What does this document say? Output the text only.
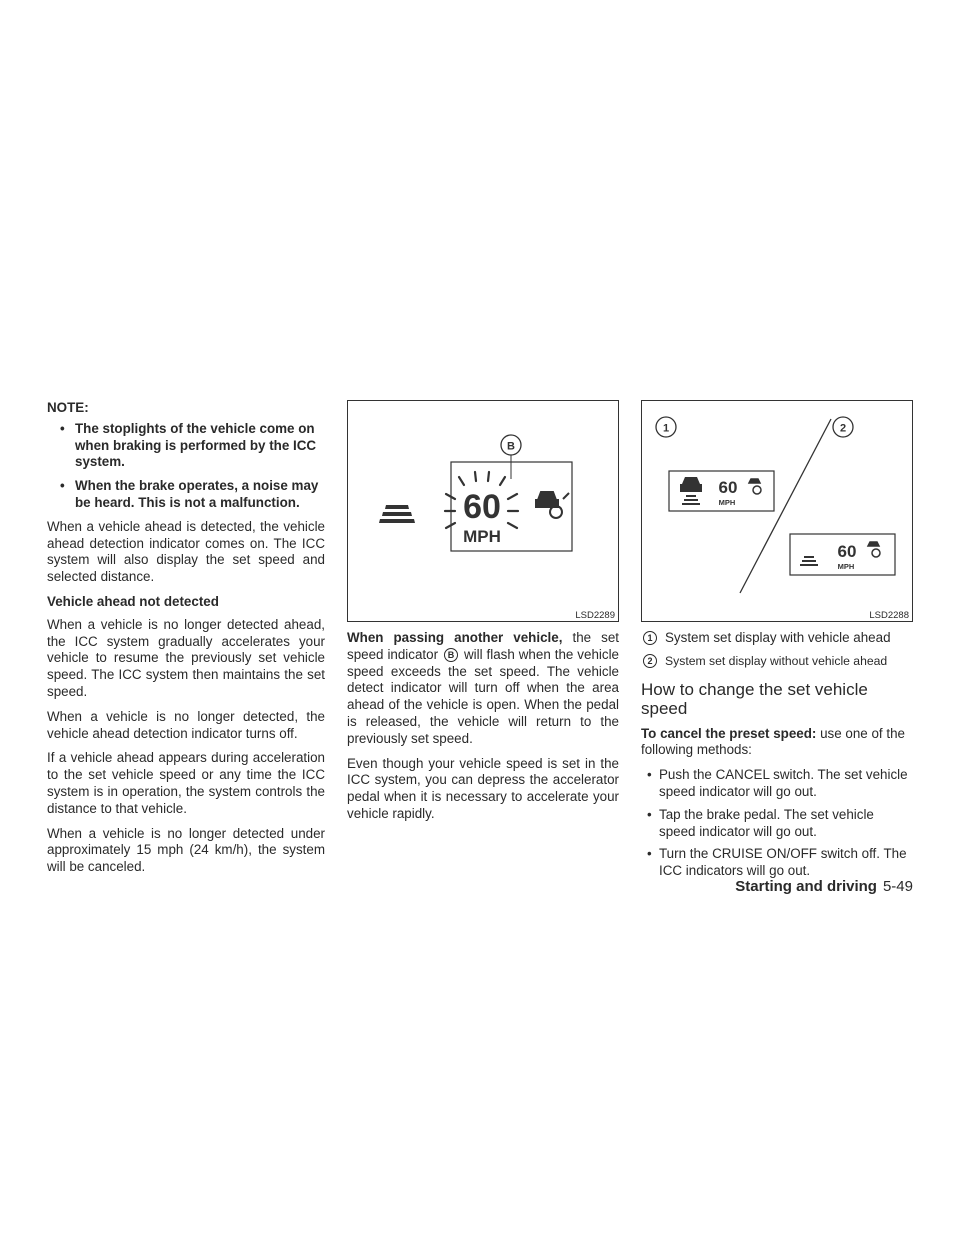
NOTE:
• The stoplights of the vehicle come on when braking is performed by the ICC system.
• When the brake operates, a noise may be heard. This is not a malfunction.

When a vehicle ahead is detected, the vehicle ahead detection indicator comes on. The ICC system will also display the set speed and selected distance.

Vehicle ahead not detected

When a vehicle is no longer detected ahead, the ICC system gradually accelerates your vehicle to resume the previously set vehicle speed. The ICC system then maintains the set speed.

When a vehicle is no longer detected, the vehicle ahead detection indicator turns off.

If a vehicle ahead appears during acceleration to the set vehicle speed or any time the ICC system is in operation, the system controls the distance to that vehicle.

When a vehicle is no longer detected under approximately 15 mph (24 km/h), the system will be canceled.

60
MPH
B
LSD2289

When passing another vehicle, the set speed indicator B will flash when the vehicle speed exceeds the set speed. The vehicle detect indicator will turn off when the area ahead of the vehicle is open. When the pedal is released, the vehicle will return to the previously set speed.

Even though your vehicle speed is set in the ICC system, you can depress the accelerator pedal when it is necessary to accelerate your vehicle rapidly.

1	2
60
MPH
60
MPH
LSD2288
1 System set display with vehicle ahead
2	System set display without vehicle ahead
How to change the set vehicle speed

To cancel the preset speed: use one of the following methods:

• Push the CANCEL switch. The set vehicle speed indicator will go out.
• Tap the brake pedal. The set vehicle speed indicator will go out.
• Turn the CRUISE ON/OFF switch off. The ICC indicators will go out.
Starting and driving 5-49
